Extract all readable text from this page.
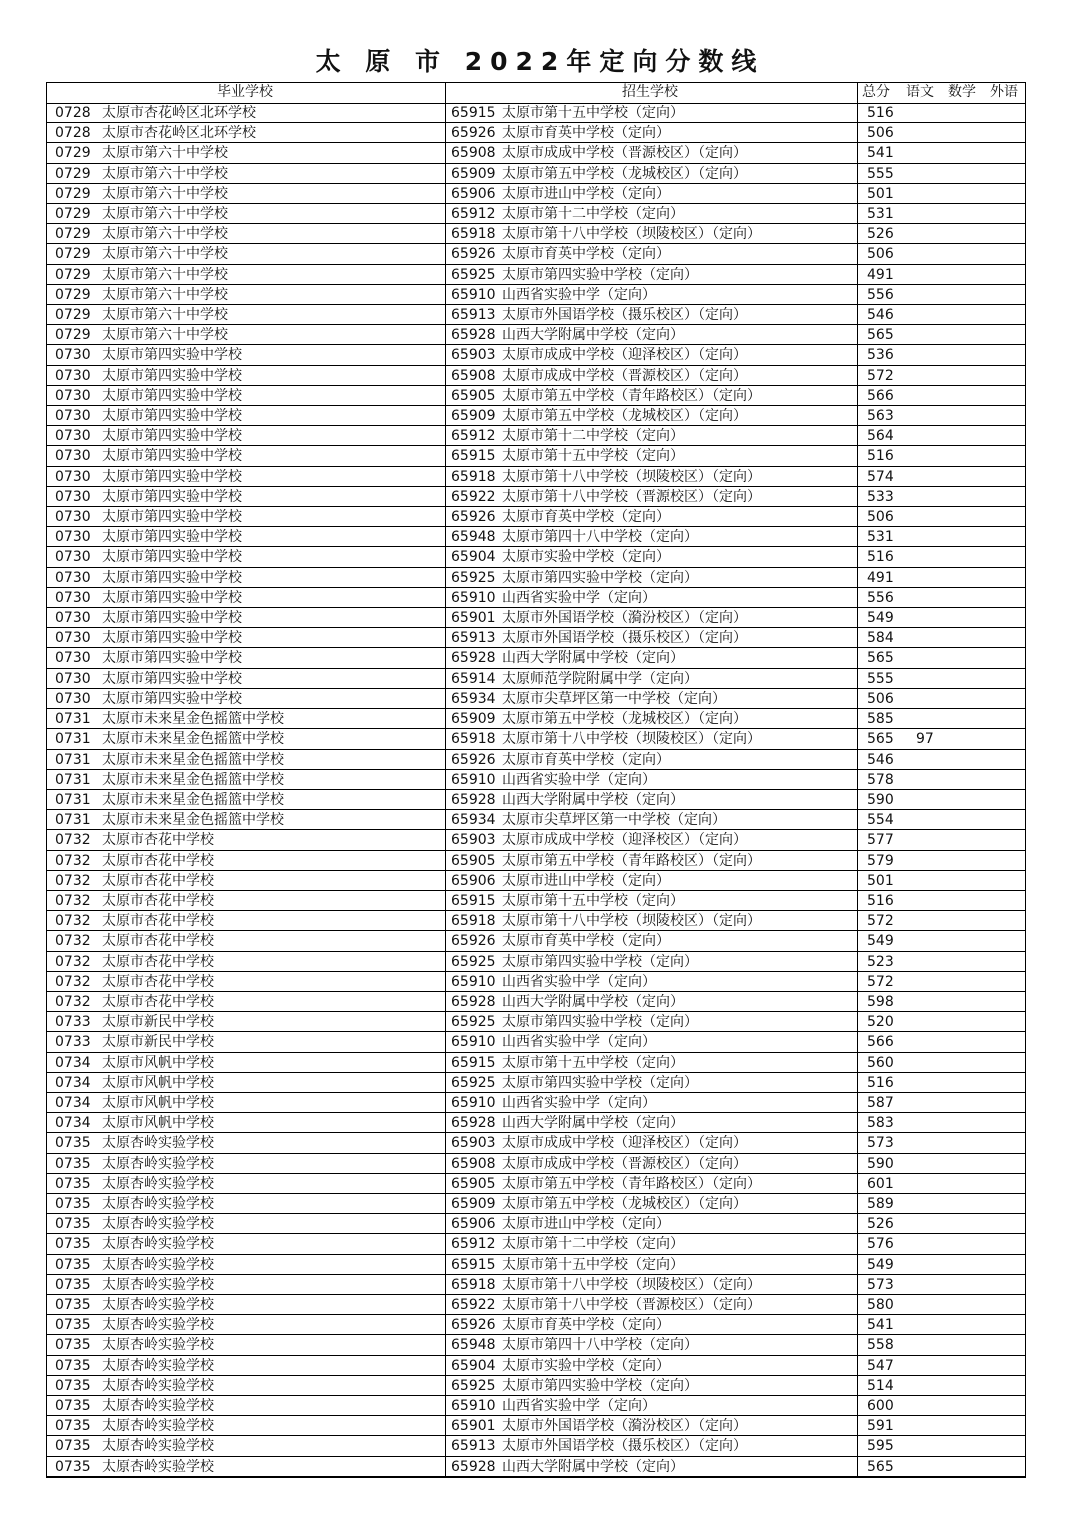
太 原 市 2022年定向分数线
毕业学校	招生学校	总分 语文 数学 外语
0728 太原市杏花岭区北环学校	65915 太原市第十五中学校（定向）	516
0728 太原市杏花岭区北环学校	65926 太原市育英中学校（定向）	506
0729 太原市第六十中学校	65908 太原市成成中学校（晋源校区）（定向）	541
0729 太原市第六十中学校	65909 太原市第五中学校（龙城校区）（定向）	555
0729 太原市第六十中学校	65906 太原市进山中学校（定向）	501
0729 太原市第六十中学校	65912 太原市第十二中学校（定向）	531
0729 太原市第六十中学校	65918 太原市第十八中学校（坝陵校区）（定向）	526
0729 太原市第六十中学校	65926 太原市育英中学校（定向）	506
0729 太原市第六十中学校	65925 太原市第四实验中学校（定向）	491
0729 太原市第六十中学校	65910 山西省实验中学（定向）	556
0729 太原市第六十中学校	65913 太原市外国语学校（摄乐校区）（定向）	546
0729 太原市第六十中学校	65928 山西大学附属中学校（定向）	565
0730 太原市第四实验中学校	65903 太原市成成中学校（迎泽校区）（定向）	536
0730 太原市第四实验中学校	65908 太原市成成中学校（晋源校区）（定向）	572
0730 太原市第四实验中学校	65905 太原市第五中学校（青年路校区）（定向）	566
0730 太原市第四实验中学校	65909 太原市第五中学校（龙城校区）（定向）	563
0730 太原市第四实验中学校	65912 太原市第十二中学校（定向）	564
0730 太原市第四实验中学校	65915 太原市第十五中学校（定向）	516
0730 太原市第四实验中学校	65918 太原市第十八中学校（坝陵校区）（定向）	574
0730 太原市第四实验中学校	65922 太原市第十八中学校（晋源校区）（定向）	533
0730 太原市第四实验中学校	65926 太原市育英中学校（定向）	506
0730 太原市第四实验中学校	65948 太原市第四十八中学校（定向）	531
0730 太原市第四实验中学校	65904 太原市实验中学校（定向）	516
0730 太原市第四实验中学校	65925 太原市第四实验中学校（定向）	491
0730 太原市第四实验中学校	65910 山西省实验中学（定向）	556
0730 太原市第四实验中学校	65901 太原市外国语学校（漪汾校区）（定向）	549
0730 太原市第四实验中学校	65913 太原市外国语学校（摄乐校区）（定向）	584
0730 太原市第四实验中学校	65928 山西大学附属中学校（定向）	565
0730 太原市第四实验中学校	65914 太原师范学院附属中学（定向）	555
0730 太原市第四实验中学校	65934 太原市尖草坪区第一中学校（定向）	506
0731 太原市未来星金色摇篮中学校	65909 太原市第五中学校（龙城校区）（定向）	585
0731 太原市未来星金色摇篮中学校	65918 太原市第十八中学校（坝陵校区）（定向）	565 97
0731 太原市未来星金色摇篮中学校	65926 太原市育英中学校（定向）	546
0731 太原市未来星金色摇篮中学校	65910 山西省实验中学（定向）	578
0731 太原市未来星金色摇篮中学校	65928 山西大学附属中学校（定向）	590
0731 太原市未来星金色摇篮中学校	65934 太原市尖草坪区第一中学校（定向）	554
0732 太原市杏花中学校	65903 太原市成成中学校（迎泽校区）（定向）	577
0732 太原市杏花中学校	65905 太原市第五中学校（青年路校区）（定向）	579
0732 太原市杏花中学校	65906 太原市进山中学校（定向）	501
0732 太原市杏花中学校	65915 太原市第十五中学校（定向）	516
0732 太原市杏花中学校	65918 太原市第十八中学校（坝陵校区）（定向）	572
0732 太原市杏花中学校	65926 太原市育英中学校（定向）	549
0732 太原市杏花中学校	65925 太原市第四实验中学校（定向）	523
0732 太原市杏花中学校	65910 山西省实验中学（定向）	572
0732 太原市杏花中学校	65928 山西大学附属中学校（定向）	598
0733 太原市新民中学校	65925 太原市第四实验中学校（定向）	520
0733 太原市新民中学校	65910 山西省实验中学（定向）	566
0734 太原市风帆中学校	65915 太原市第十五中学校（定向）	560
0734 太原市风帆中学校	65925 太原市第四实验中学校（定向）	516
0734 太原市风帆中学校	65910 山西省实验中学（定向）	587
0734 太原市风帆中学校	65928 山西大学附属中学校（定向）	583
0735 太原杏岭实验学校	65903 太原市成成中学校（迎泽校区）（定向）	573
0735 太原杏岭实验学校	65908 太原市成成中学校（晋源校区）（定向）	590
0735 太原杏岭实验学校	65905 太原市第五中学校（青年路校区）（定向）	601
0735 太原杏岭实验学校	65909 太原市第五中学校（龙城校区）（定向）	589
0735 太原杏岭实验学校	65906 太原市进山中学校（定向）	526
0735 太原杏岭实验学校	65912 太原市第十二中学校（定向）	576
0735 太原杏岭实验学校	65915 太原市第十五中学校（定向）	549
0735 太原杏岭实验学校	65918 太原市第十八中学校（坝陵校区）（定向）	573
0735 太原杏岭实验学校	65922 太原市第十八中学校（晋源校区）（定向）	580
0735 太原杏岭实验学校	65926 太原市育英中学校（定向）	541
0735 太原杏岭实验学校	65948 太原市第四十八中学校（定向）	558
0735 太原杏岭实验学校	65904 太原市实验中学校（定向）	547
0735 太原杏岭实验学校	65925 太原市第四实验中学校（定向）	514
0735 太原杏岭实验学校	65910 山西省实验中学（定向）	600
0735 太原杏岭实验学校	65901 太原市外国语学校（漪汾校区）（定向）	591
0735 太原杏岭实验学校	65913 太原市外国语学校（摄乐校区）（定向）	595
0735 太原杏岭实验学校	65928 山西大学附属中学校（定向）	565
